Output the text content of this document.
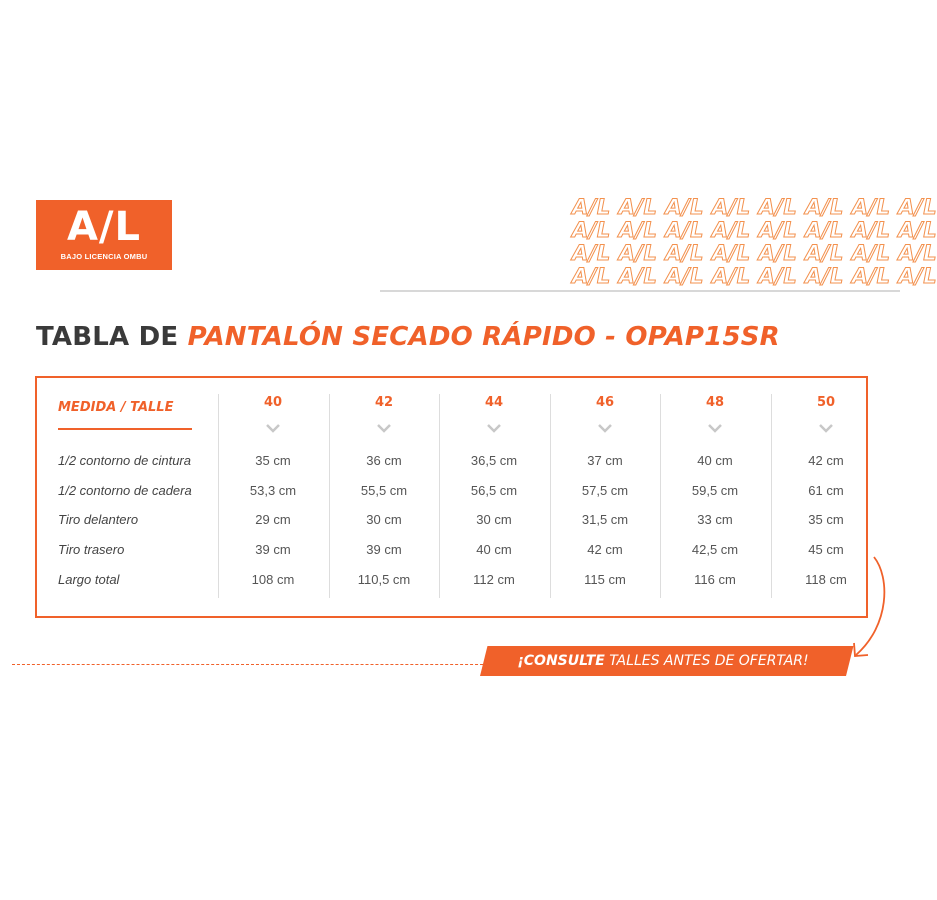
A/L
BAJO LICENCIA OMBU
A/L A/L A/L A/L A/L A/L A/L A/L
A/L A/L A/L A/L A/L A/L A/L A/L
A/L A/L A/L A/L A/L A/L A/L A/L
A/L A/L A/L A/L A/L A/L A/L A/L
TABLA DE PANTALÓN SECADO RÁPIDO - OPAP15SR
MEDIDA / TALLE	40	42	44	46	48	50
1/2 contorno de cintura	35 cm	36 cm	36,5 cm	37 cm	40 cm	42 cm
1/2 contorno de cadera	53,3 cm	55,5 cm	56,5 cm	57,5 cm	59,5 cm	61 cm
Tiro delantero	29 cm	30 cm	30 cm	31,5 cm	33 cm	35 cm
Tiro trasero	39 cm	39 cm	40 cm	42 cm	42,5 cm	45 cm
Largo total	108 cm	110,5 cm	112 cm	115 cm	116 cm	118 cm
¡CONSULTE TALLES ANTES DE OFERTAR!
